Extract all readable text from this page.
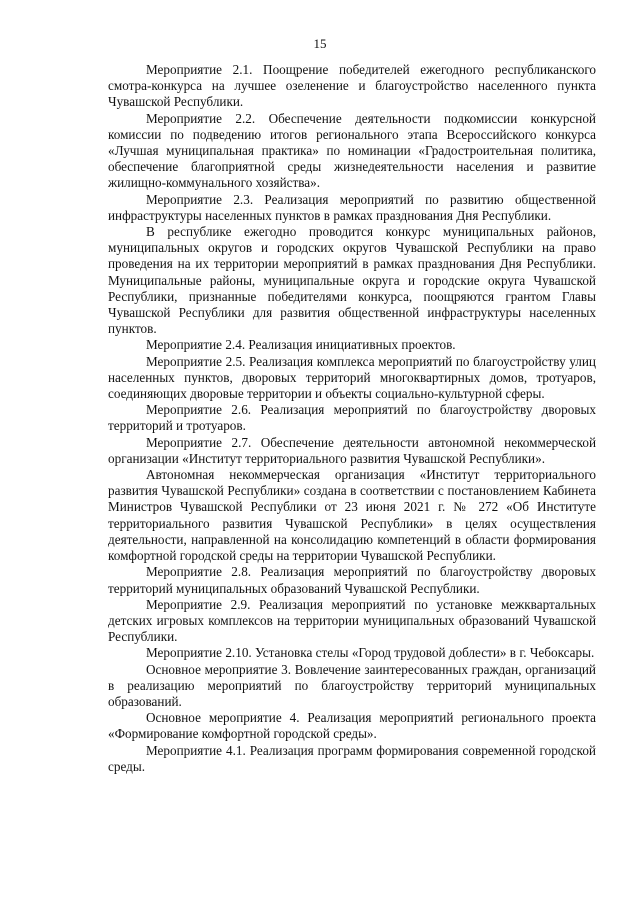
15

Мероприятие 2.1. Поощрение победителей ежегодного республиканского смотра-конкурса на лучшее озеленение и благоустройство населенного пункта Чувашской Республики.

Мероприятие 2.2. Обеспечение деятельности подкомиссии конкурсной комиссии по подведению итогов регионального этапа Всероссийского конкурса «Лучшая муниципальная практика» по номинации «Градостроительная политика, обеспечение благоприятной среды жизнедеятельности населения и развитие жилищно-коммунального хозяйства».

Мероприятие 2.3. Реализация мероприятий по развитию общественной инфраструктуры населенных пунктов в рамках празднования Дня Республики.

В республике ежегодно проводится конкурс муниципальных районов, муниципальных округов и городских округов Чувашской Республики на право проведения на их территории мероприятий в рамках празднования Дня Республики. Муниципальные районы, муниципальные округа и городские округа Чувашской Республики, признанные победителями конкурса, поощряются грантом Главы Чувашской Республики для развития общественной инфраструктуры населенных пунктов.

Мероприятие 2.4. Реализация инициативных проектов.

Мероприятие 2.5. Реализация комплекса мероприятий по благоустройству улиц населенных пунктов, дворовых территорий многоквартирных домов, тротуаров, соединяющих дворовые территории и объекты социально-культурной сферы.

Мероприятие 2.6. Реализация мероприятий по благоустройству дворовых территорий и тротуаров.

Мероприятие 2.7. Обеспечение деятельности автономной некоммерческой организации «Институт территориального развития Чувашской Республики».

Автономная некоммерческая организация «Институт территориального развития Чувашской Республики» создана в соответствии с постановлением Кабинета Министров Чувашской Республики от 23 июня 2021 г. № 272 «Об Институте территориального развития Чувашской Республики» в целях осуществления деятельности, направленной на консолидацию компетенций в области формирования комфортной городской среды на территории Чувашской Республики.

Мероприятие 2.8. Реализация мероприятий по благоустройству дворовых территорий муниципальных образований Чувашской Республики.

Мероприятие 2.9. Реализация мероприятий по установке межквартальных детских игровых комплексов на территории муниципальных образований Чувашской Республики.

Мероприятие 2.10. Установка стелы «Город трудовой доблести» в г. Чебоксары.

Основное мероприятие 3. Вовлечение заинтересованных граждан, организаций в реализацию мероприятий по благоустройству территорий муниципальных образований.

Основное мероприятие 4. Реализация мероприятий регионального проекта «Формирование комфортной городской среды».

Мероприятие 4.1. Реализация программ формирования современной городской среды.
